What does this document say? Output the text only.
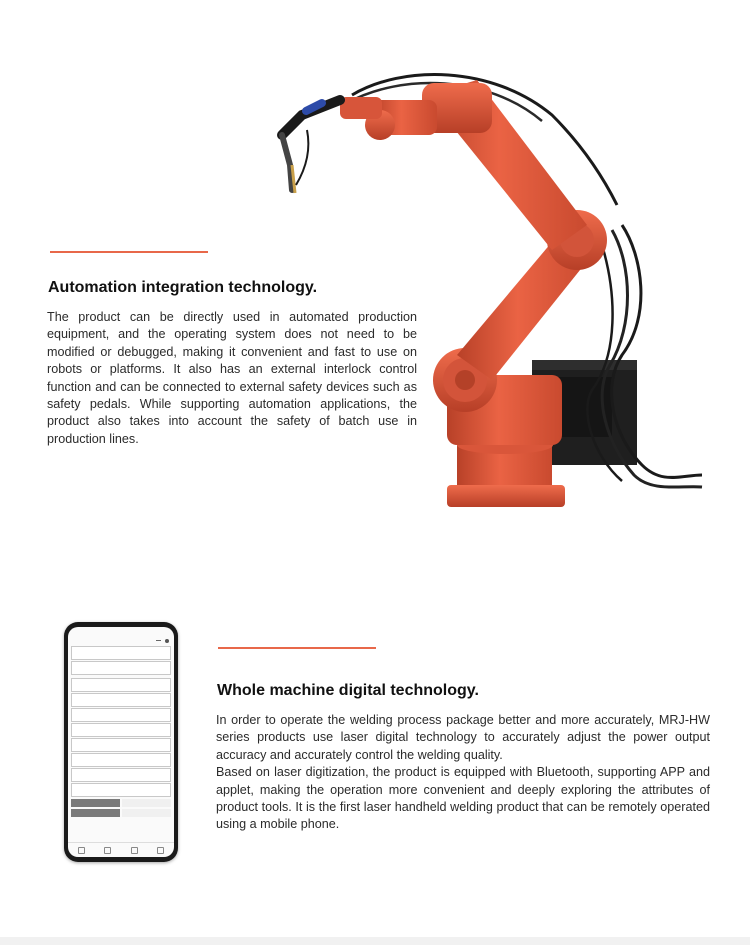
Automation integration technology.

The product can be directly used in automated production equipment, and the operating system does not need to be modified or debugged, making it convenient and fast to use on robots or platforms. It also has an external interlock control function and can be connected to external safety devices such as safety pedals. While supporting automation applications, the product also takes into account the safety of batch use in production lines.

Whole machine digital technology.

In order to operate the welding process package better and more accurately, MRJ-HW series products use laser digital technology to accurately adjust the power output accuracy and accurately control the welding quality.

Based on laser digitization, the product is equipped with Bluetooth, supporting APP and applet, making the operation more convenient and deeply exploring the attributes of product tools. It is the first laser handheld welding product that can be remotely operated using a mobile phone.
